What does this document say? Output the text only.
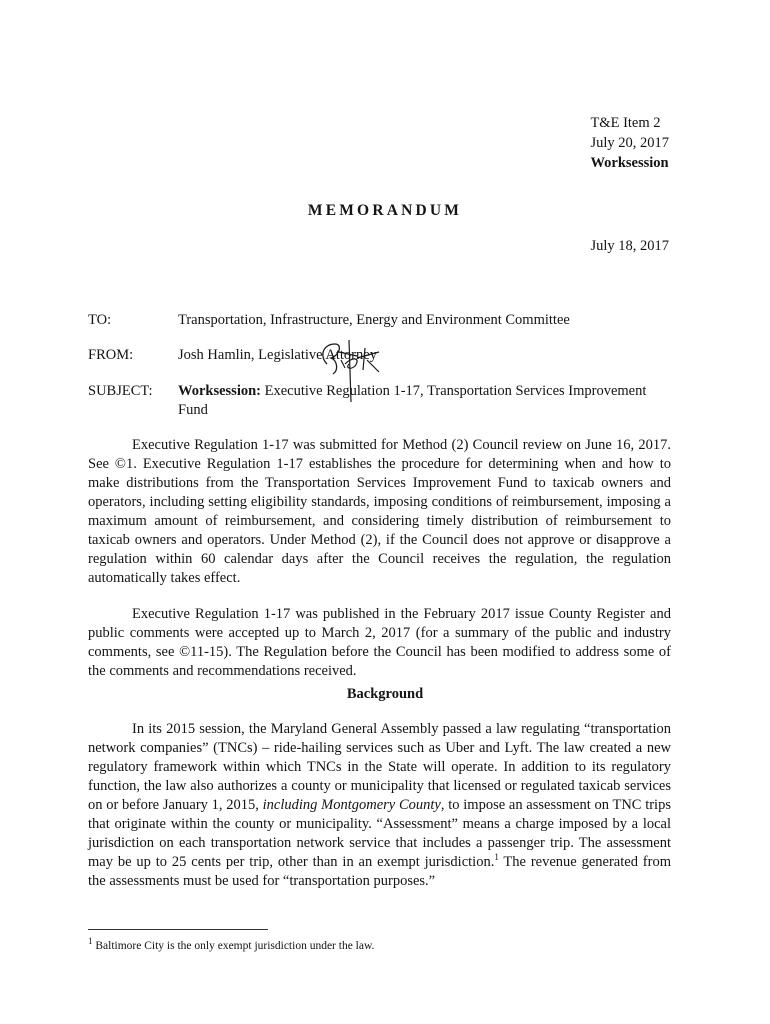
T&E Item 2
July 20, 2017
Worksession
MEMORANDUM
July 18, 2017
TO:	Transportation, Infrastructure, Energy and Environment Committee
FROM:	Josh Hamlin, Legislative Attorney
SUBJECT: Worksession: Executive Regulation 1-17, Transportation Services Improvement Fund

Executive Regulation 1-17 was submitted for Method (2) Council review on June 16, 2017. See ©1. Executive Regulation 1-17 establishes the procedure for determining when and how to make distributions from the Transportation Services Improvement Fund to taxicab owners and operators, including setting eligibility standards, imposing conditions of reimbursement, imposing a maximum amount of reimbursement, and considering timely distribution of reimbursement to taxicab owners and operators. Under Method (2), if the Council does not approve or disapprove a regulation within 60 calendar days after the Council receives the regulation, the regulation automatically takes effect.

Executive Regulation 1-17 was published in the February 2017 issue County Register and public comments were accepted up to March 2, 2017 (for a summary of the public and industry comments, see ©11-15). The Regulation before the Council has been modified to address some of the comments and recommendations received.

Background

In its 2015 session, the Maryland General Assembly passed a law regulating “transportation network companies” (TNCs) – ride-hailing services such as Uber and Lyft. The law created a new regulatory framework within which TNCs in the State will operate. In addition to its regulatory function, the law also authorizes a county or municipality that licensed or regulated taxicab services on or before January 1, 2015, including Montgomery County, to impose an assessment on TNC trips that originate within the county or municipality. “Assessment” means a charge imposed by a local jurisdiction on each transportation network service that includes a passenger trip. The assessment may be up to 25 cents per trip, other than in an exempt jurisdiction.$^1$ The revenue generated from the assessments must be used for “transportation purposes.”

$^1$ Baltimore City is the only exempt jurisdiction under the law.
